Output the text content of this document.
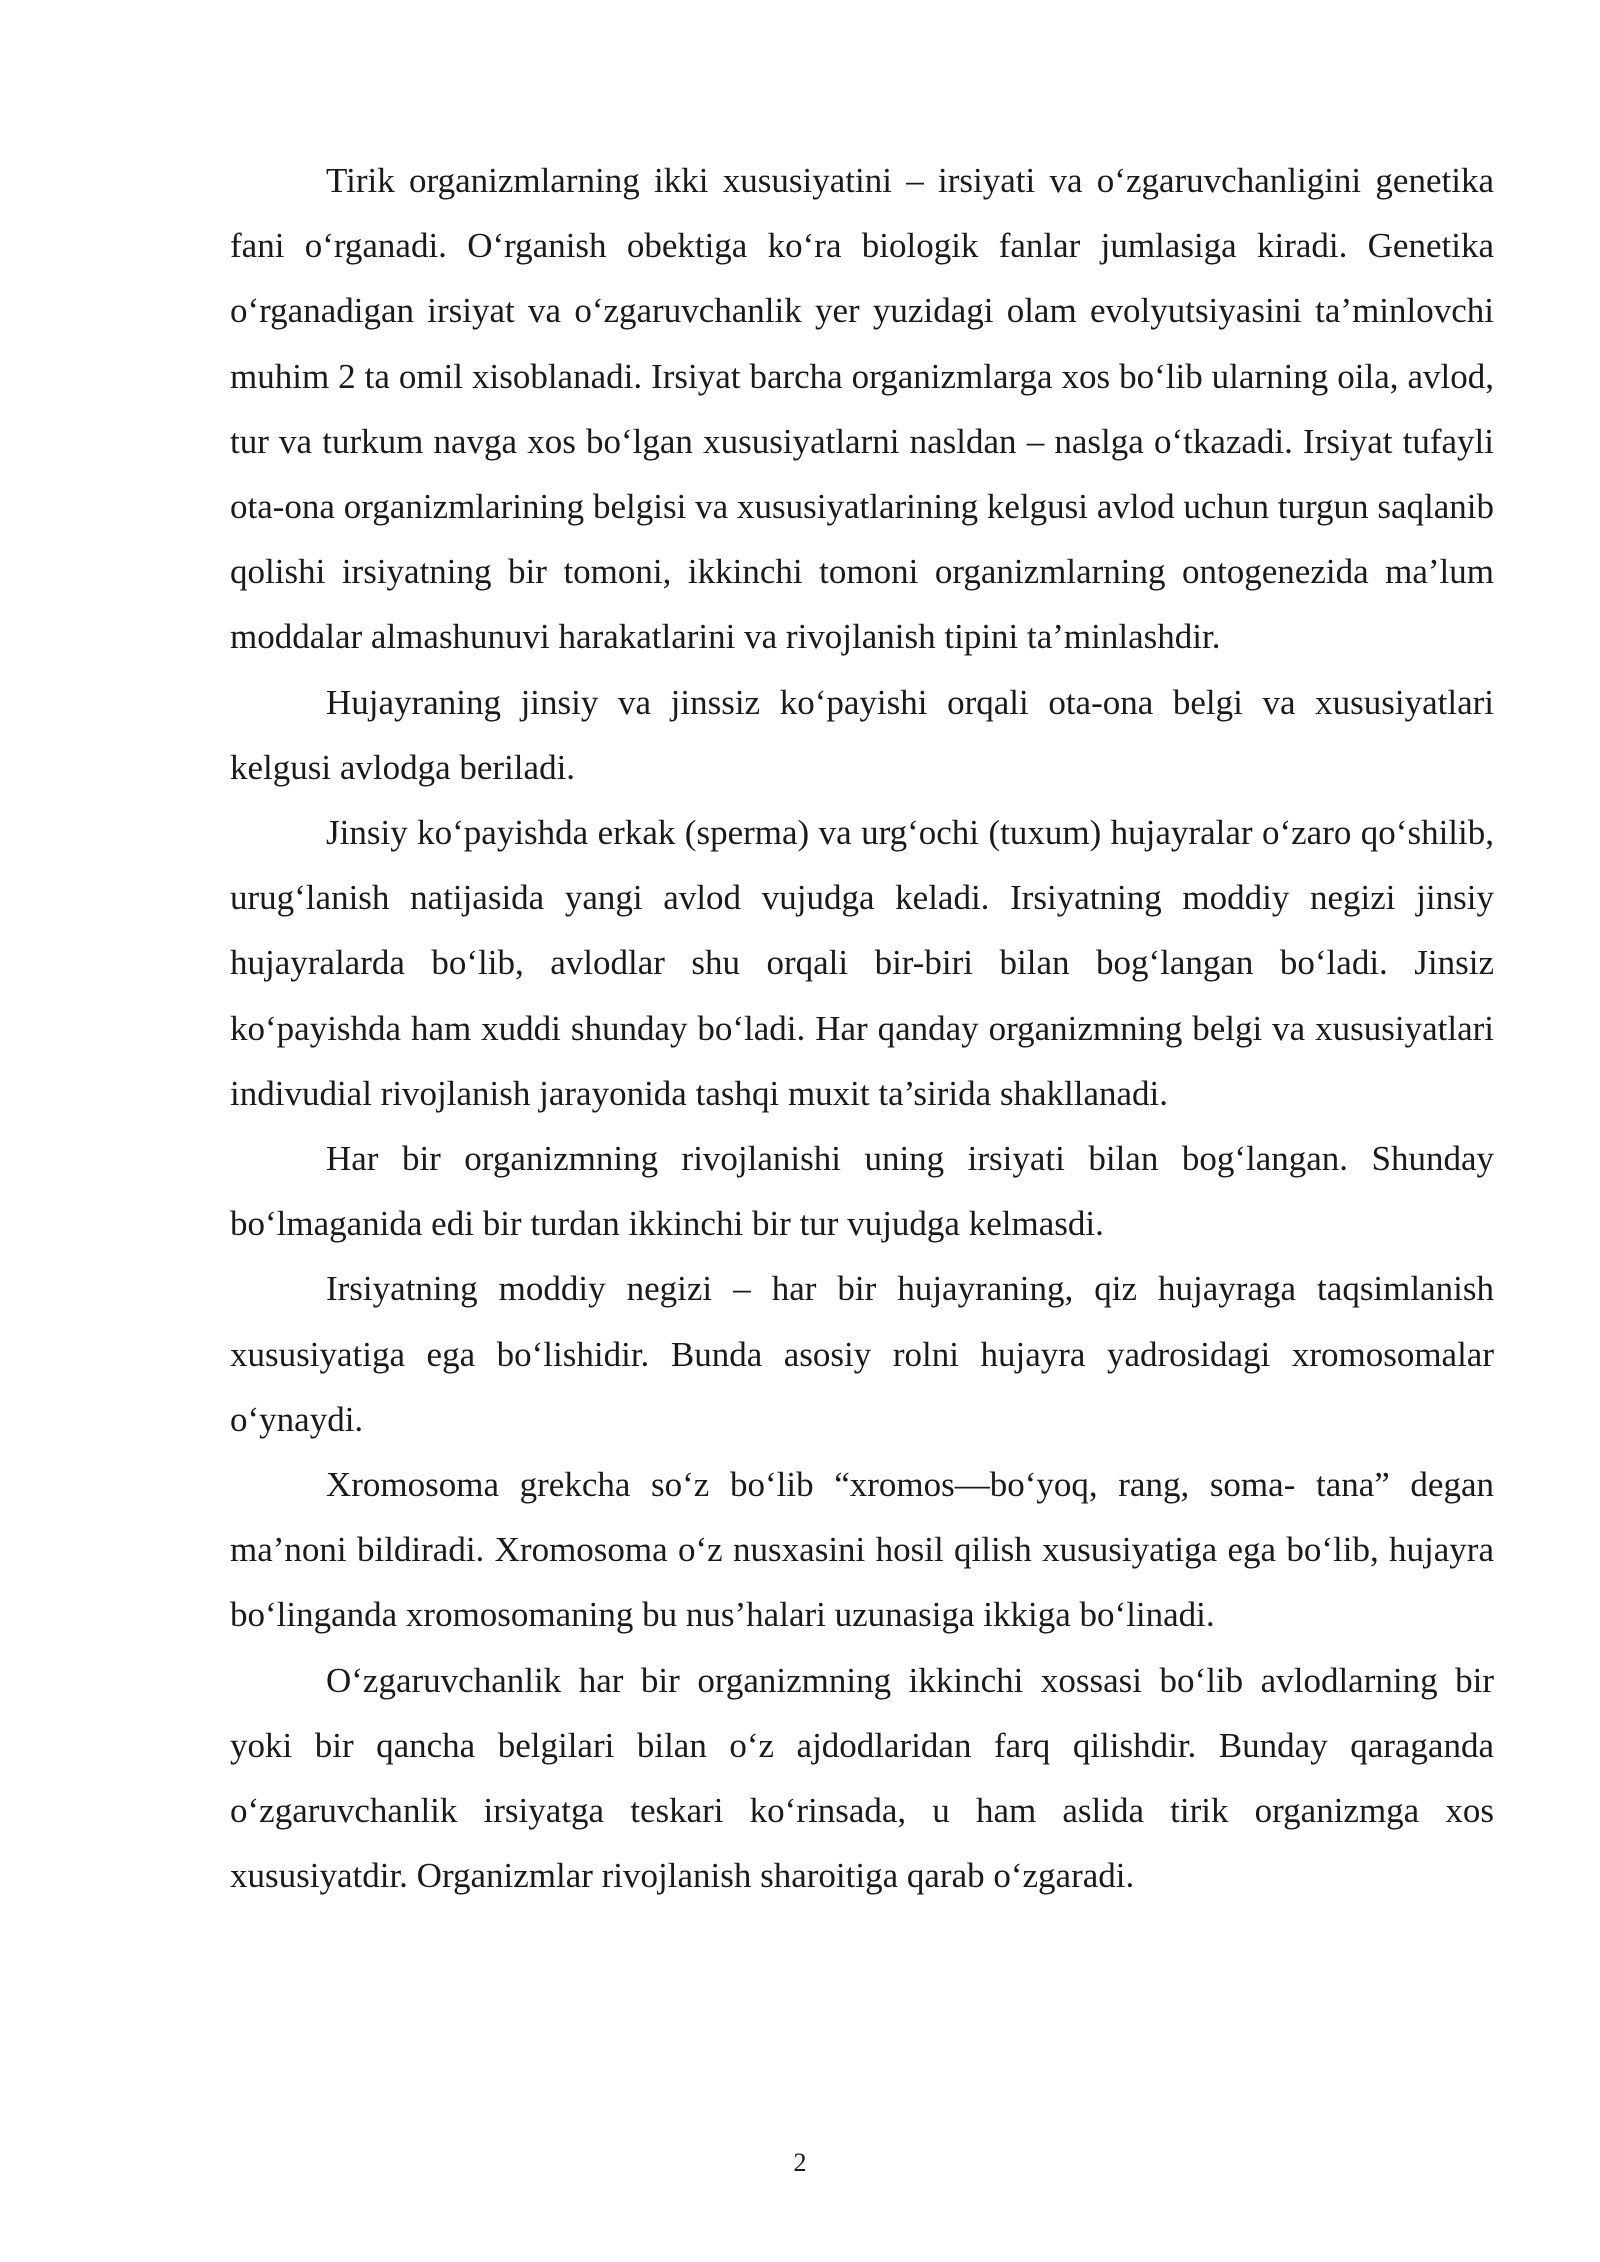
Tirik organizmlarning ikki xususiyatini – irsiyati va o‘zgaruvchanligini genetika fani o‘rganadi. O‘rganish obektiga ko‘ra biologik fanlar jumlasiga kiradi. Genetika o‘rganadigan irsiyat va o‘zgaruvchanlik yer yuzidagi olam evolyutsiyasini ta’minlovchi muhim 2 ta omil xisoblanadi. Irsiyat barcha organizmlarga xos bo‘lib ularning oila, avlod, tur va turkum navga xos bo‘lgan xususiyatlarni nasldan – naslga o‘tkazadi. Irsiyat tufayli ota-ona organizmlarining belgisi va xususiyatlarining kelgusi avlod uchun turgun saqlanib qolishi irsiyatning bir tomoni, ikkinchi tomoni organizmlarning ontogenezida ma’lum moddalar almashunuvi harakatlarini va rivojlanish tipini ta’minlashdir.

Hujayraning jinsiy va jinssiz ko‘payishi orqali ota-ona belgi va xususiyatlari kelgusi avlodga beriladi.

Jinsiy ko‘payishda erkak (sperma) va urg‘ochi (tuxum) hujayralar o‘zaro qo‘shilib, urug‘lanish natijasida yangi avlod vujudga keladi. Irsiyatning moddiy negizi jinsiy hujayralarda bo‘lib, avlodlar shu orqali bir-biri bilan bog‘langan bo‘ladi. Jinsiz ko‘payishda ham xuddi shunday bo‘ladi. Har qanday organizmning belgi va xususiyatlari indivudial rivojlanish jarayonida tashqi muxit ta’sirida shakllanadi.

Har bir organizmning rivojlanishi uning irsiyati bilan bog‘langan. Shunday bo‘lmaganida edi bir turdan ikkinchi bir tur vujudga kelmasdi.

Irsiyatning moddiy negizi – har bir hujayraning, qiz hujayraga taqsimlanish xususiyatiga ega bo‘lishidir. Bunda asosiy rolni hujayra yadrosidagi xromosomalar o‘ynaydi.

Xromosoma grekcha so‘z bo‘lib “xromos—bo‘yoq, rang, soma- tana” degan ma’noni bildiradi. Xromosoma o‘z nusxasini hosil qilish xususiyatiga ega bo‘lib, hujayra bo‘linganda xromosomaning bu nus’halari uzunasiga ikkiga bo‘linadi.

O‘zgaruvchanlik har bir organizmning ikkinchi xossasi bo‘lib avlodlarning bir yoki bir qancha belgilari bilan o‘z ajdodlaridan farq qilishdir. Bunday qaraganda o‘zgaruvchanlik irsiyatga teskari ko‘rinsada, u ham aslida tirik organizmga xos xususiyatdir. Organizmlar rivojlanish sharoitiga qarab o‘zgaradi.

2
